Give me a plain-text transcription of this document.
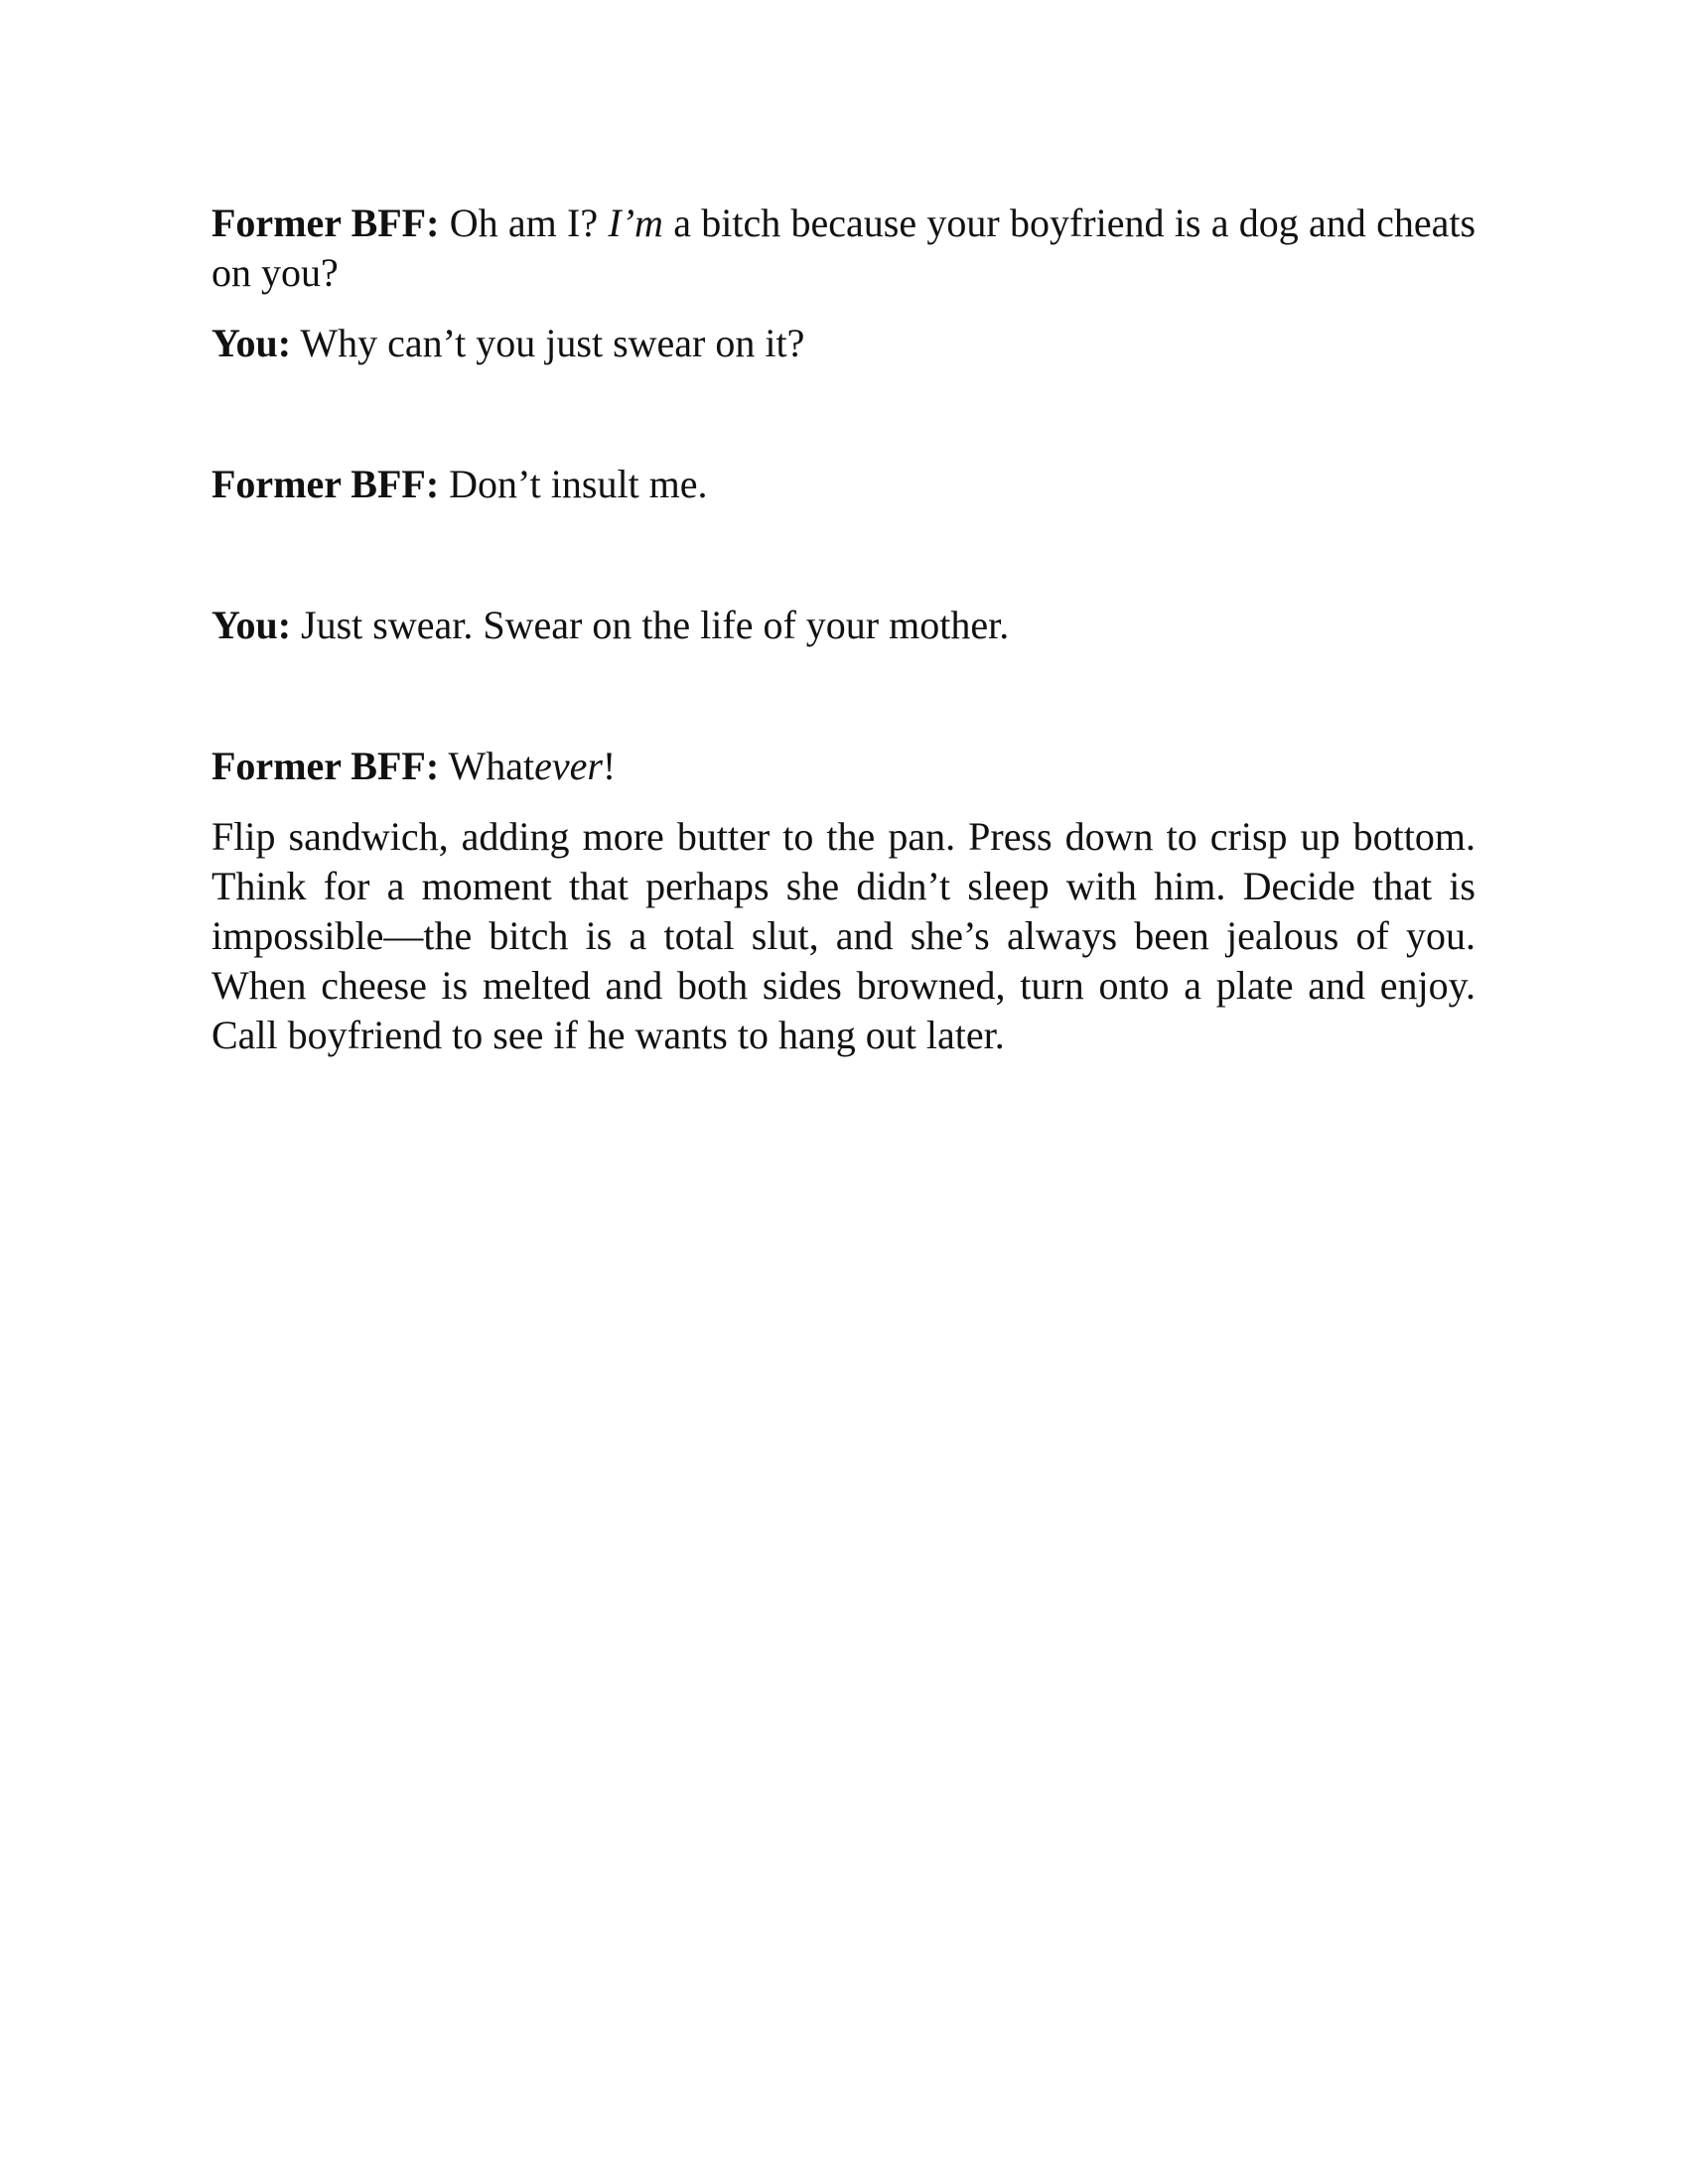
Former BFF: Oh am I? I’m a bitch because your boyfriend is a dog and cheats on you?

You: Why can’t you just swear on it?

Former BFF: Don’t insult me.

You: Just swear. Swear on the life of your mother.

Former BFF: Whatever!

Flip sandwich, adding more butter to the pan. Press down to crisp up bottom. Think for a moment that perhaps she didn’t sleep with him. Decide that is impossible—the bitch is a total slut, and she’s always been jealous of you. When cheese is melted and both sides browned, turn onto a plate and enjoy. Call boyfriend to see if he wants to hang out later.
